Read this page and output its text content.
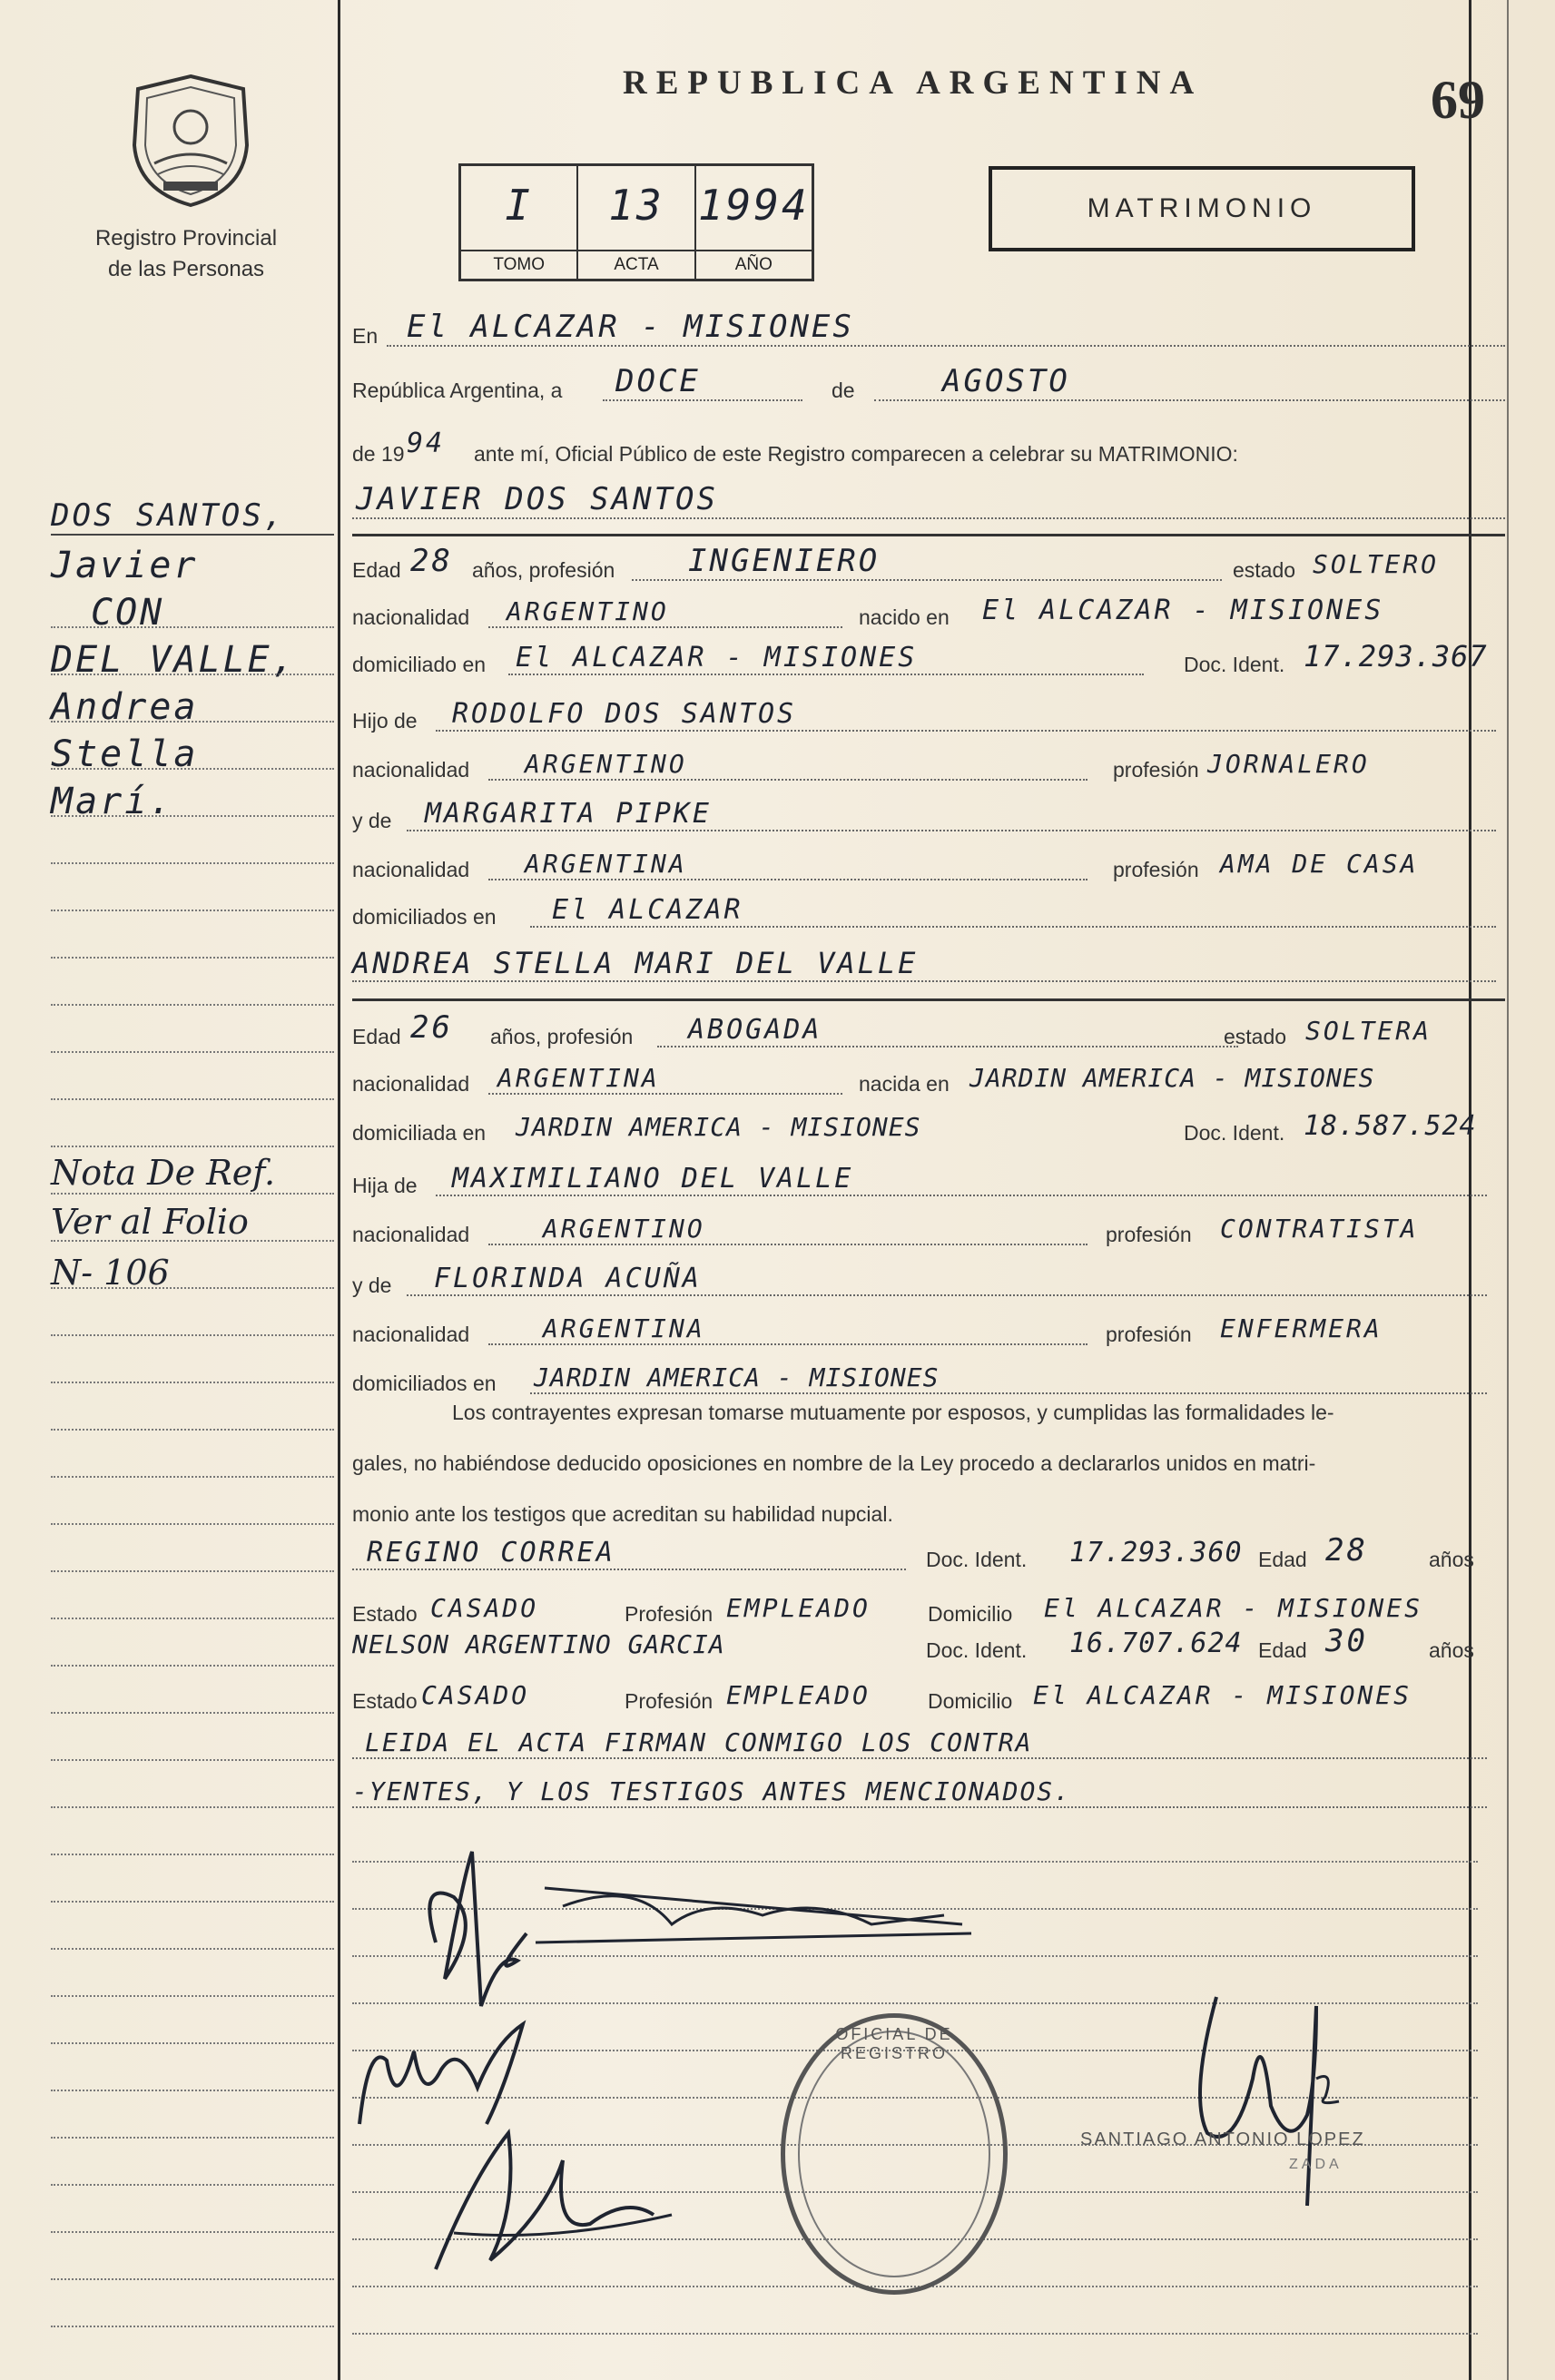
Registro Provincial
de las Personas
REPUBLICA ARGENTINA	69
I
TOMO
13
ACTA
1994
AÑO
MATRIMONIO
DOS SANTOS,
Javier
CON
DEL VALLE,
Andrea
Stella
Marí.
Nota De Ref.
Ver al Folio
N- 106
En El ALCAZAR - MISIONES
República Argentina, a DOCE	de	AGOSTO
de 19 94 ante mí, Oficial Público de este Registro comparecen a celebrar su MATRIMONIO:
JAVIER DOS SANTOS
Edad 28 años, profesión INGENIERO	estado SOLTERO
nacionalidad ARGENTINO	nacido en El ALCAZAR - MISIONES
domiciliado en El ALCAZAR - MISIONES	Doc. Ident. 17.293.367
Hijo de RODOLFO DOS SANTOS
nacionalidad ARGENTINO	profesión JORNALERO
y de MARGARITA PIPKE
nacionalidad ARGENTINA	profesión AMA DE CASA
domiciliados en El ALCAZAR
ANDREA STELLA MARI DEL VALLE
Edad 26 años, profesión ABOGADA	estado SOLTERA
nacionalidad ARGENTINA	nacida en JARDIN AMERICA - MISIONES
domiciliada en JARDIN AMERICA - MISIONES	Doc. Ident. 18.587.524
Hija de MAXIMILIANO DEL VALLE
nacionalidad	ARGENTINO	profesión CONTRATISTA
y de FLORINDA ACUÑA
nacionalidad	ARGENTINA	profesión ENFERMERA
domiciliados en JARDIN AMERICA - MISIONES
Los contrayentes expresan tomarse mutuamente por esposos, y cumplidas las formalidades le-
gales, no habiéndose deducido oposiciones en nombre de la Ley procedo a declararlos unidos en matri-
monio ante los testigos que acreditan su habilidad nupcial.
REGINO CORREA	Doc. Ident. 17.293.360 Edad 28	años
Estado CASADO	Profesión EMPLEADO	Domicilio El ALCAZAR - MISIONES
NELSON ARGENTINO GARCIA	Doc. Ident. 16.707.624 Edad 30	años
Estado CASADO	Profesión EMPLEADO	Domicilio El ALCAZAR - MISIONES
LEIDA EL ACTA FIRMAN CONMIGO LOS CONTRA
-YENTES, Y LOS TESTIGOS ANTES MENCIONADOS.
OFICIAL DE REGISTRO
SANTIAGO ANTONIO LOPEZ
ZADA
